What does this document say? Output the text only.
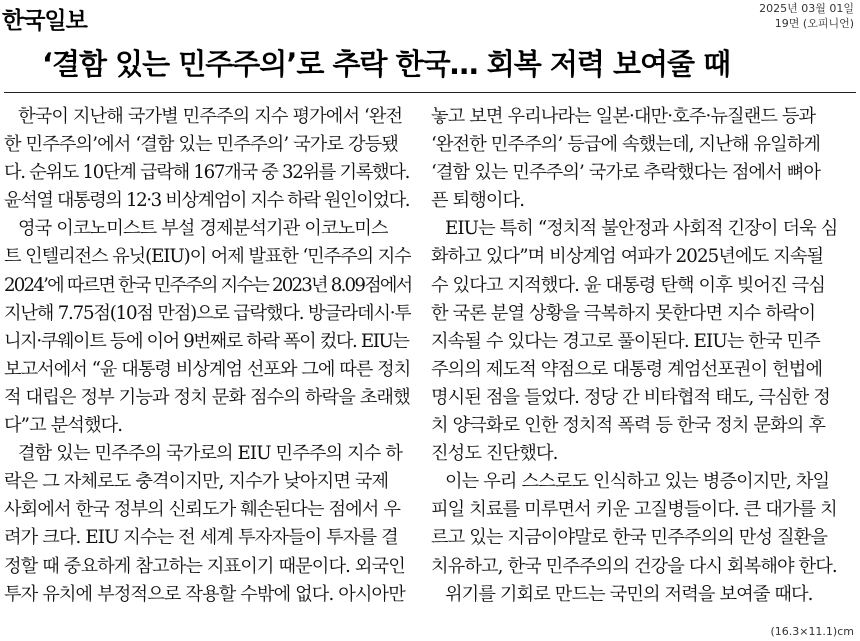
한국일보	2025년 03월 01일
19면 (오피니언)
‘결함 있는 민주주의’로 추락 한국… 회복 저력 보여줄 때
한국이 지난해 국가별 민주주의 지수 평가에서 ‘완전
한 민주주의’에서 ‘결함 있는 민주주의’ 국가로 강등됐
다. 순위도 10단계 급락해 167개국 중 32위를 기록했다.
윤석열 대통령의 12·3 비상계엄이 지수 하락 원인이었다.
영국 이코노미스트 부설 경제분석기관 이코노미스
트 인텔리전스 유닛(EIU)이 어제 발표한 ‘민주주의 지수
2024’에 따르면 한국 민주주의 지수는 2023년 8.09점에서
지난해 7.75점(10점 만점)으로 급락했다. 방글라데시·투
니지·쿠웨이트 등에 이어 9번째로 하락 폭이 컸다. EIU는
보고서에서 “윤 대통령 비상계엄 선포와 그에 따른 정치
적 대립은 정부 기능과 정치 문화 점수의 하락을 초래했
다”고 분석했다.
결함 있는 민주주의 국가로의 EIU 민주주의 지수 하
락은 그 자체로도 충격이지만, 지수가 낮아지면 국제
사회에서 한국 정부의 신뢰도가 훼손된다는 점에서 우
려가 크다. EIU 지수는 전 세계 투자자들이 투자를 결
정할 때 중요하게 참고하는 지표이기 때문이다. 외국인
투자 유치에 부정적으로 작용할 수밖에 없다. 아시아만
놓고 보면 우리나라는 일본·대만·호주·뉴질랜드 등과
‘완전한 민주주의’ 등급에 속했는데, 지난해 유일하게
‘결함 있는 민주주의’ 국가로 추락했다는 점에서 뼈아
픈 퇴행이다.
EIU는 특히 “정치적 불안정과 사회적 긴장이 더욱 심
화하고 있다”며 비상계엄 여파가 2025년에도 지속될
수 있다고 지적했다. 윤 대통령 탄핵 이후 빚어진 극심
한 국론 분열 상황을 극복하지 못한다면 지수 하락이
지속될 수 있다는 경고로 풀이된다. EIU는 한국 민주
주의의 제도적 약점으로 대통령 계엄선포권이 헌법에
명시된 점을 들었다. 정당 간 비타협적 태도, 극심한 정
치 양극화로 인한 정치적 폭력 등 한국 정치 문화의 후
진성도 진단했다.
이는 우리 스스로도 인식하고 있는 병증이지만, 차일
피일 치료를 미루면서 키운 고질병들이다. 큰 대가를 치
르고 있는 지금이야말로 한국 민주주의의 만성 질환을
치유하고, 한국 민주주의의 건강을 다시 회복해야 한다.
위기를 기회로 만드는 국민의 저력을 보여줄 때다.
(16.3×11.1)cm
